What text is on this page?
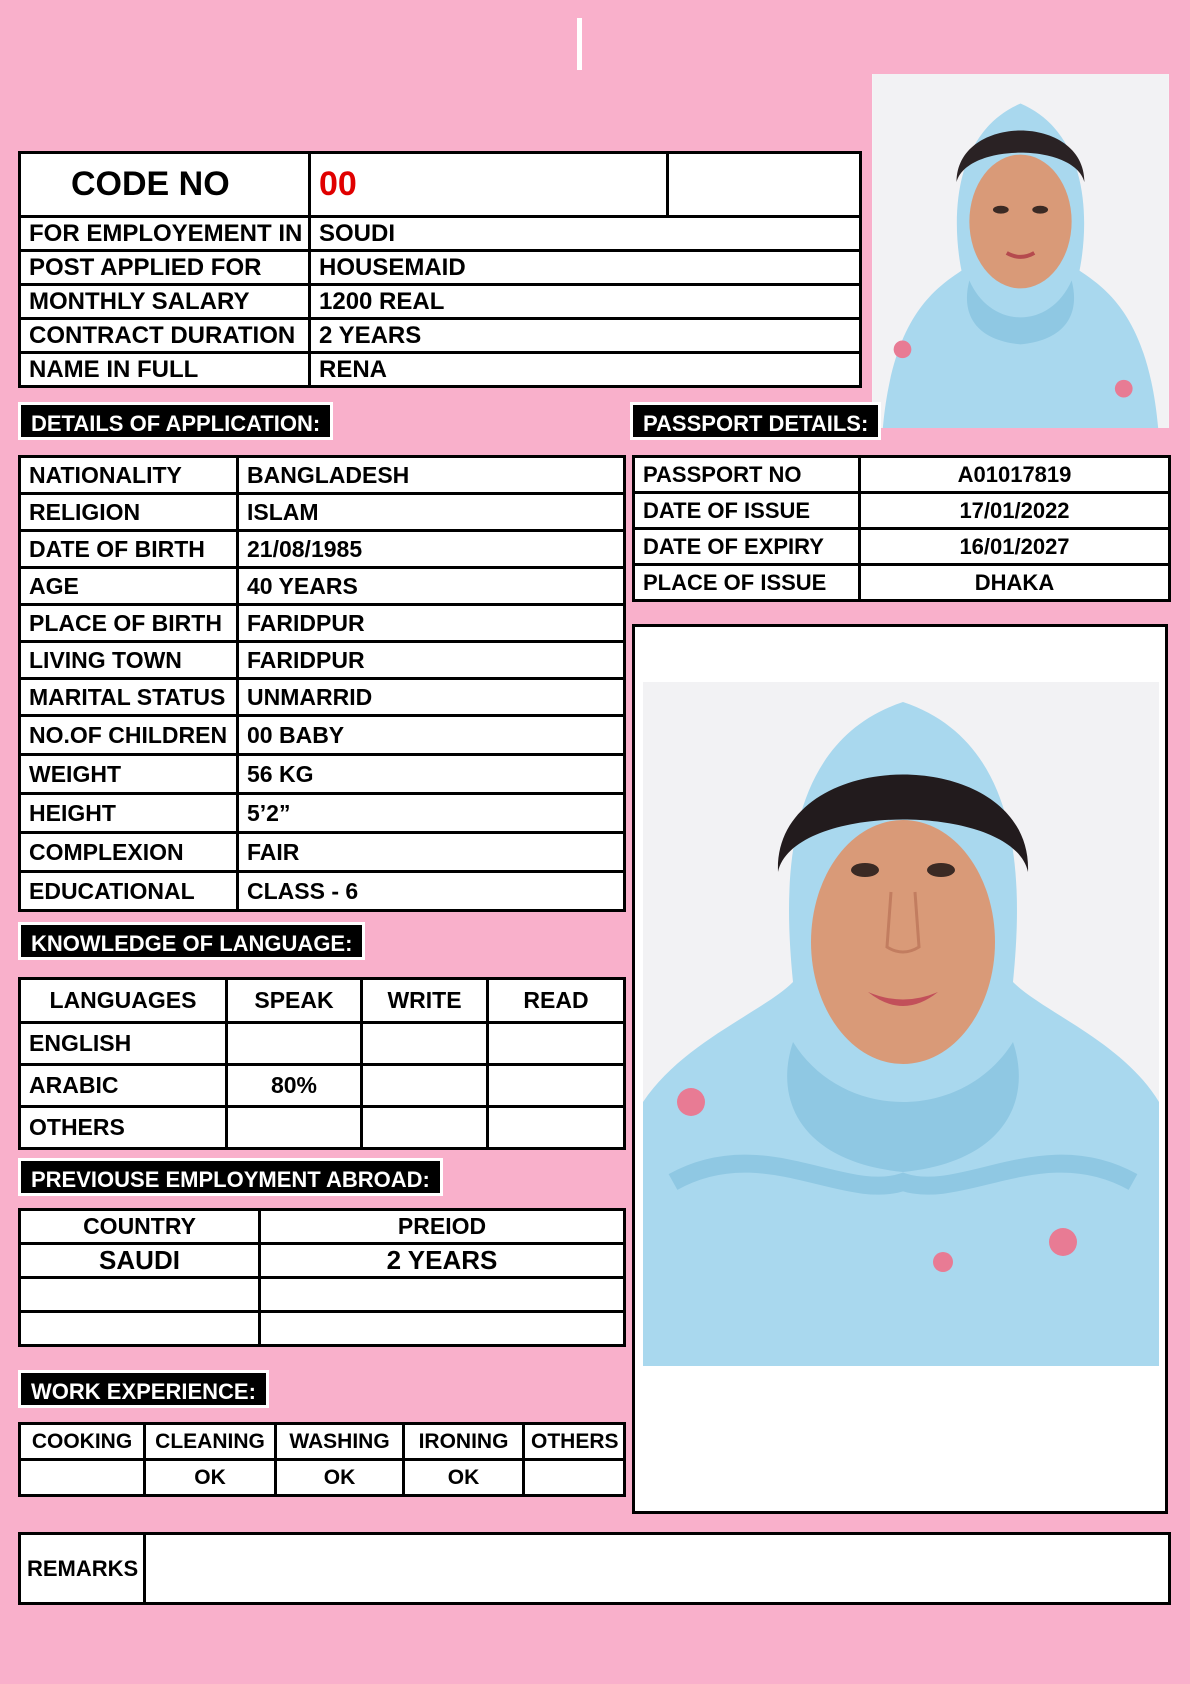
CODE NO	00	
FOR EMPLOYEMENT IN	SOUDI	
POST APPLIED FOR	HOUSEMAID	
MONTHLY SALARY	1200 REAL	
CONTRACT DURATION	2 YEARS	
NAME IN FULL	RENA	
DETAILS OF APPLICATION:	PASSPORT DETAILS:
KNOWLEDGE OF LANGUAGE:
PREVIOUSE EMPLOYMENT ABROAD:
WORK EXPERIENCE:
NATIONALITY	BANGLADESH
RELIGION	ISLAM
DATE OF BIRTH	21/08/1985
AGE	40 YEARS
PLACE OF BIRTH	FARIDPUR
LIVING TOWN	FARIDPUR
MARITAL STATUS	UNMARRID
NO.OF CHILDREN	00 BABY
WEIGHT	56 KG
HEIGHT	5’2”
COMPLEXION	FAIR
EDUCATIONAL	CLASS - 6
PASSPORT NO	A01017819
DATE OF ISSUE	17/01/2022
DATE OF EXPIRY	16/01/2027
PLACE OF ISSUE	DHAKA
LANGUAGES	SPEAK	WRITE	READ
ENGLISH			
ARABIC	80%		
OTHERS			
COUNTRY	PREIOD
SAUDI	2 YEARS

COOKING	CLEANING	WASHING	IRONING	OTHERS
	OK	OK	OK	
REMARKS	
